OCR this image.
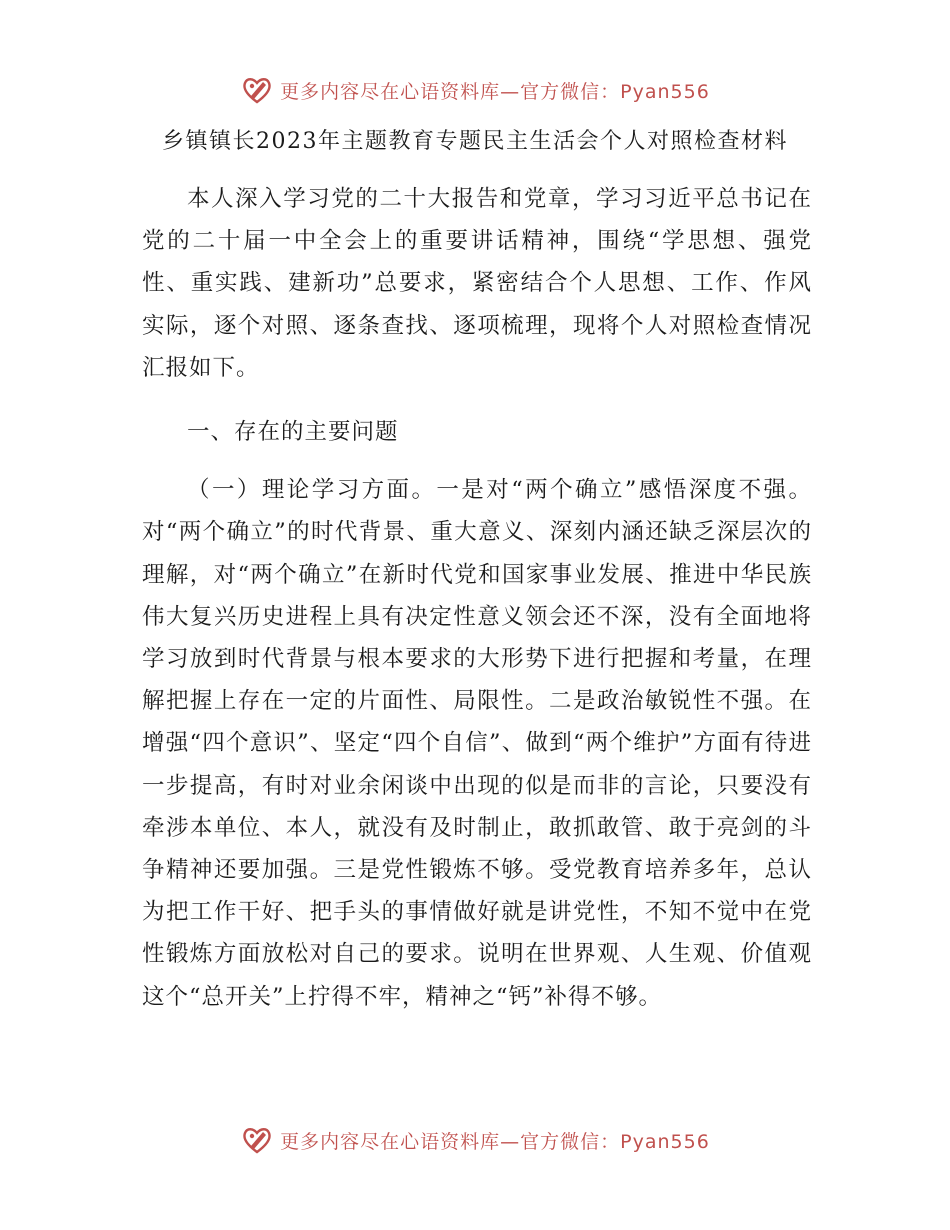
更多内容尽在心语资料库—官方微信：Pyan556
乡镇镇长2023年主题教育专题民主生活会个人对照检查材料

本人深入学习党的二十大报告和党章，学习习近平总书记在党的二十届一中全会上的重要讲话精神，围绕“学思想、强党性、重实践、建新功”总要求，紧密结合个人思想、工作、作风实际，逐个对照、逐条查找、逐项梳理，现将个人对照检查情况汇报如下。

一、存在的主要问题

（一）理论学习方面。一是对“两个确立”感悟深度不强。对“两个确立”的时代背景、重大意义、深刻内涵还缺乏深层次的理解，对“两个确立”在新时代党和国家事业发展、推进中华民族伟大复兴历史进程上具有决定性意义领会还不深，没有全面地将学习放到时代背景与根本要求的大形势下进行把握和考量，在理解把握上存在一定的片面性、局限性。二是政治敏锐性不强。在增强“四个意识”、坚定“四个自信”、做到“两个维护”方面有待进一步提高，有时对业余闲谈中出现的似是而非的言论，只要没有牵涉本单位、本人，就没有及时制止，敢抓敢管、敢于亮剑的斗争精神还要加强。三是党性锻炼不够。受党教育培养多年，总认为把工作干好、把手头的事情做好就是讲党性，不知不觉中在党性锻炼方面放松对自己的要求。说明在世界观、人生观、价值观这个“总开关”上拧得不牢，精神之“钙”补得不够。

更多内容尽在心语资料库—官方微信：Pyan556
